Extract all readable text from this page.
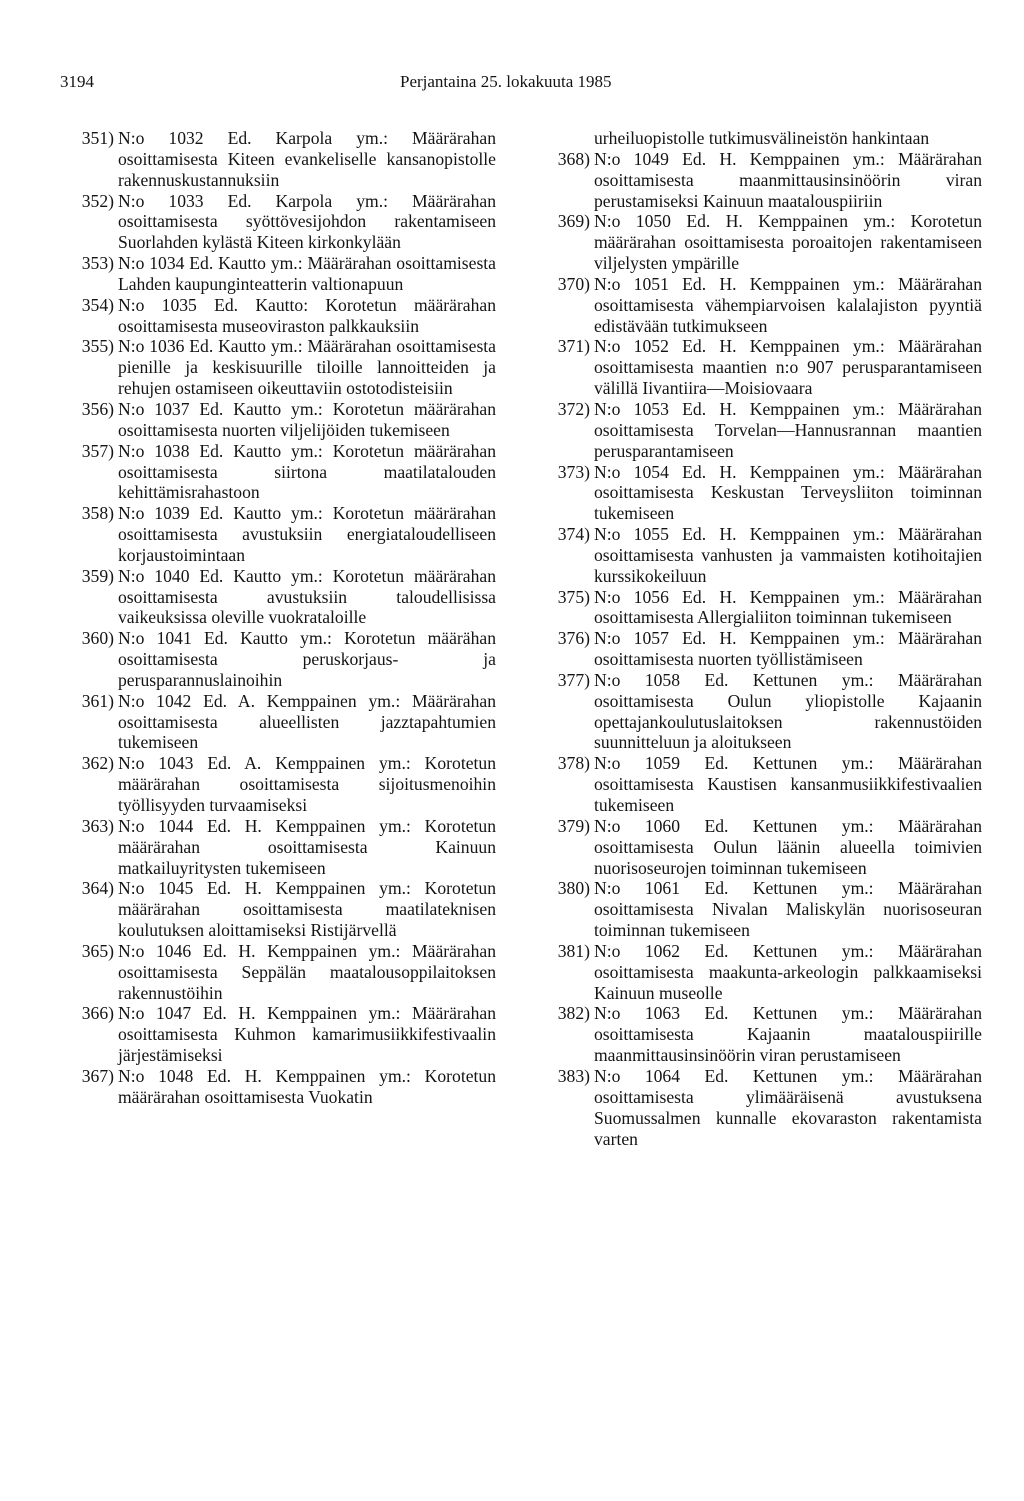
3194	Perjantaina 25. lokakuuta 1985
351) N:o 1032 Ed. Karpola ym.: Määrärahan osoittamisesta Kiteen evankeliselle kansanopistolle rakennuskustannuksiin
352) N:o 1033 Ed. Karpola ym.: Määrärahan osoittamisesta syöttövesijohdon rakentamiseen Suorlahden kylästä Kiteen kirkonkylään
353) N:o 1034 Ed. Kautto ym.: Määrärahan osoittamisesta Lahden kaupunginteatterin valtionapuun
354) N:o 1035 Ed. Kautto: Korotetun määrärahan osoittamisesta museoviraston palkkauksiin
355) N:o 1036 Ed. Kautto ym.: Määrärahan osoittamisesta pienille ja keskisuurille tiloille lannoitteiden ja rehujen ostamiseen oikeuttaviin ostotodisteisiin
356) N:o 1037 Ed. Kautto ym.: Korotetun määrärahan osoittamisesta nuorten viljelijöiden tukemiseen
357) N:o 1038 Ed. Kautto ym.: Korotetun määrärahan osoittamisesta siirtona maatilatalouden kehittämisrahastoon
358) N:o 1039 Ed. Kautto ym.: Korotetun määrärahan osoittamisesta avustuksiin energiataloudelliseen korjaustoimintaan
359) N:o 1040 Ed. Kautto ym.: Korotetun määrärahan osoittamisesta avustuksiin taloudellisissa vaikeuksissa oleville vuokrataloille
360) N:o 1041 Ed. Kautto ym.: Korotetun määrähan osoittamisesta peruskorjaus- ja perusparannuslainoihin
361) N:o 1042 Ed. A. Kemppainen ym.: Määrärahan osoittamisesta alueellisten jazztapahtumien tukemiseen
362) N:o 1043 Ed. A. Kemppainen ym.: Korotetun määrärahan osoittamisesta sijoitusmenoihin työllisyyden turvaamiseksi
363) N:o 1044 Ed. H. Kemppainen ym.: Korotetun määrärahan osoittamisesta Kainuun matkailuyritysten tukemiseen
364) N:o 1045 Ed. H. Kemppainen ym.: Korotetun määrärahan osoittamisesta maatilateknisen koulutuksen aloittamiseksi Ristijärvellä
365) N:o 1046 Ed. H. Kemppainen ym.: Määrärahan osoittamisesta Seppälän maatalousoppilaitoksen rakennustöihin
366) N:o 1047 Ed. H. Kemppainen ym.: Määrärahan osoittamisesta Kuhmon kamarimusiikkifestivaalin järjestämiseksi
367) N:o 1048 Ed. H. Kemppainen ym.: Korotetun määrärahan osoittamisesta Vuokatin
urheiluopistolle tutkimusvälineistön hankintaan
368) N:o 1049 Ed. H. Kemppainen ym.: Määrärahan osoittamisesta maanmittausinsinöörin viran perustamiseksi Kainuun maatalouspiiriin
369) N:o 1050 Ed. H. Kemppainen ym.: Korotetun määrärahan osoittamisesta poroaitojen rakentamiseen viljelysten ympärille
370) N:o 1051 Ed. H. Kemppainen ym.: Määrärahan osoittamisesta vähempiarvoisen kalalajiston pyyntiä edistävään tutkimukseen
371) N:o 1052 Ed. H. Kemppainen ym.: Määrärahan osoittamisesta maantien n:o 907 perusparantamiseen välillä Iivantiira—Moisiovaara
372) N:o 1053 Ed. H. Kemppainen ym.: Määrärahan osoittamisesta Torvelan—Hannusrannan maantien perusparantamiseen
373) N:o 1054 Ed. H. Kemppainen ym.: Määrärahan osoittamisesta Keskustan Terveysliiton toiminnan tukemiseen
374) N:o 1055 Ed. H. Kemppainen ym.: Määrärahan osoittamisesta vanhusten ja vammaisten kotihoitajien kurssikokeiluun
375) N:o 1056 Ed. H. Kemppainen ym.: Määrärahan osoittamisesta Allergialiiton toiminnan tukemiseen
376) N:o 1057 Ed. H. Kemppainen ym.: Määrärahan osoittamisesta nuorten työllistämiseen
377) N:o 1058 Ed. Kettunen ym.: Määrärahan osoittamisesta Oulun yliopistolle Kajaanin opettajankoulutuslaitoksen rakennustöiden suunnitteluun ja aloitukseen
378) N:o 1059 Ed. Kettunen ym.: Määrärahan osoittamisesta Kaustisen kansanmusiikkifestivaalien tukemiseen
379) N:o 1060 Ed. Kettunen ym.: Määrärahan osoittamisesta Oulun läänin alueella toimivien nuorisoseurojen toiminnan tukemiseen
380) N:o 1061 Ed. Kettunen ym.: Määrärahan osoittamisesta Nivalan Maliskylän nuorisoseuran toiminnan tukemiseen
381) N:o 1062 Ed. Kettunen ym.: Määrärahan osoittamisesta maakunta-arkeologin palkkaamiseksi Kainuun museolle
382) N:o 1063 Ed. Kettunen ym.: Määrärahan osoittamisesta Kajaanin maatalouspiirille maanmittausinsinöörin viran perustamiseen
383) N:o 1064 Ed. Kettunen ym.: Määrärahan osoittamisesta ylimääräisenä avustuksena Suomussalmen kunnalle ekovaraston rakentamista varten
